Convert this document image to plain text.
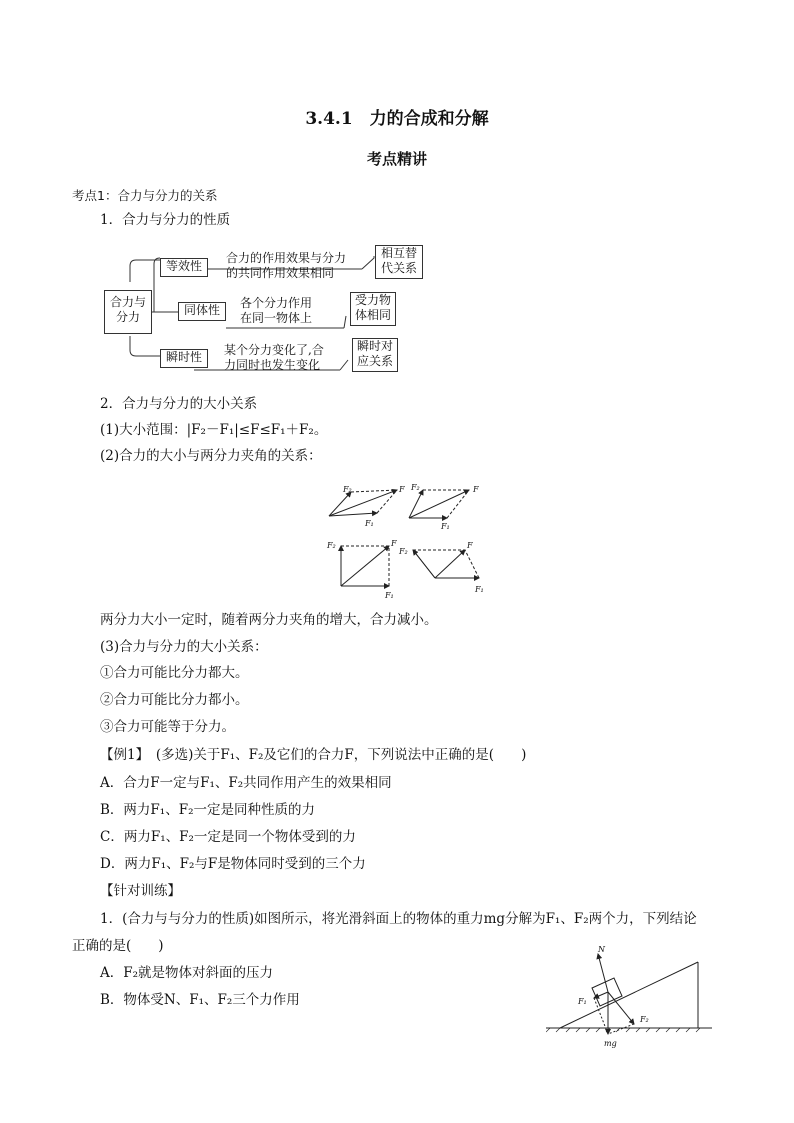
3.4.1　力的合成和分解
考点精讲
考点1：合力与分力的关系
1．合力与分力的性质
合力与
分力
等效性
合力的作用效果与分力
的共同作用效果相同
相互替
代关系
同体性	各个分力作用
在同一物体上
受力物
体相同
瞬时性	某个分力变化了,合
力同时也发生变化
瞬时对
应关系
2．合力与分力的大小关系
(1)大小范围：|F₂－F₁|≤F≤F₁＋F₂。
(2)合力的大小与两分力夹角的关系：
F₂	F
F₁
F₂	F
F₁
F₂	F
F₁
F₂
F
F₁
两分力大小一定时，随着两分力夹角的增大，合力减小。
(3)合力与分力的大小关系：
①合力可能比分力都大。
②合力可能比分力都小。
③合力可能等于分力。
【例1】　(多选)关于F₁、F₂及它们的合力F，下列说法中正确的是(　　)
A．合力F一定与F₁、F₂共同作用产生的效果相同
B．两力F₁、F₂一定是同种性质的力
C．两力F₁、F₂一定是同一个物体受到的力
D．两力F₁、F₂与F是物体同时受到的三个力
【针对训练】
1．(合力与与分力的性质)如图所示，将光滑斜面上的物体的重力mg分解为F₁、F₂两个力，下列结论
正确的是(　　)
A．F₂就是物体对斜面的压力
B．物体受N、F₁、F₂三个力作用
N
F₁
F₂
mg
